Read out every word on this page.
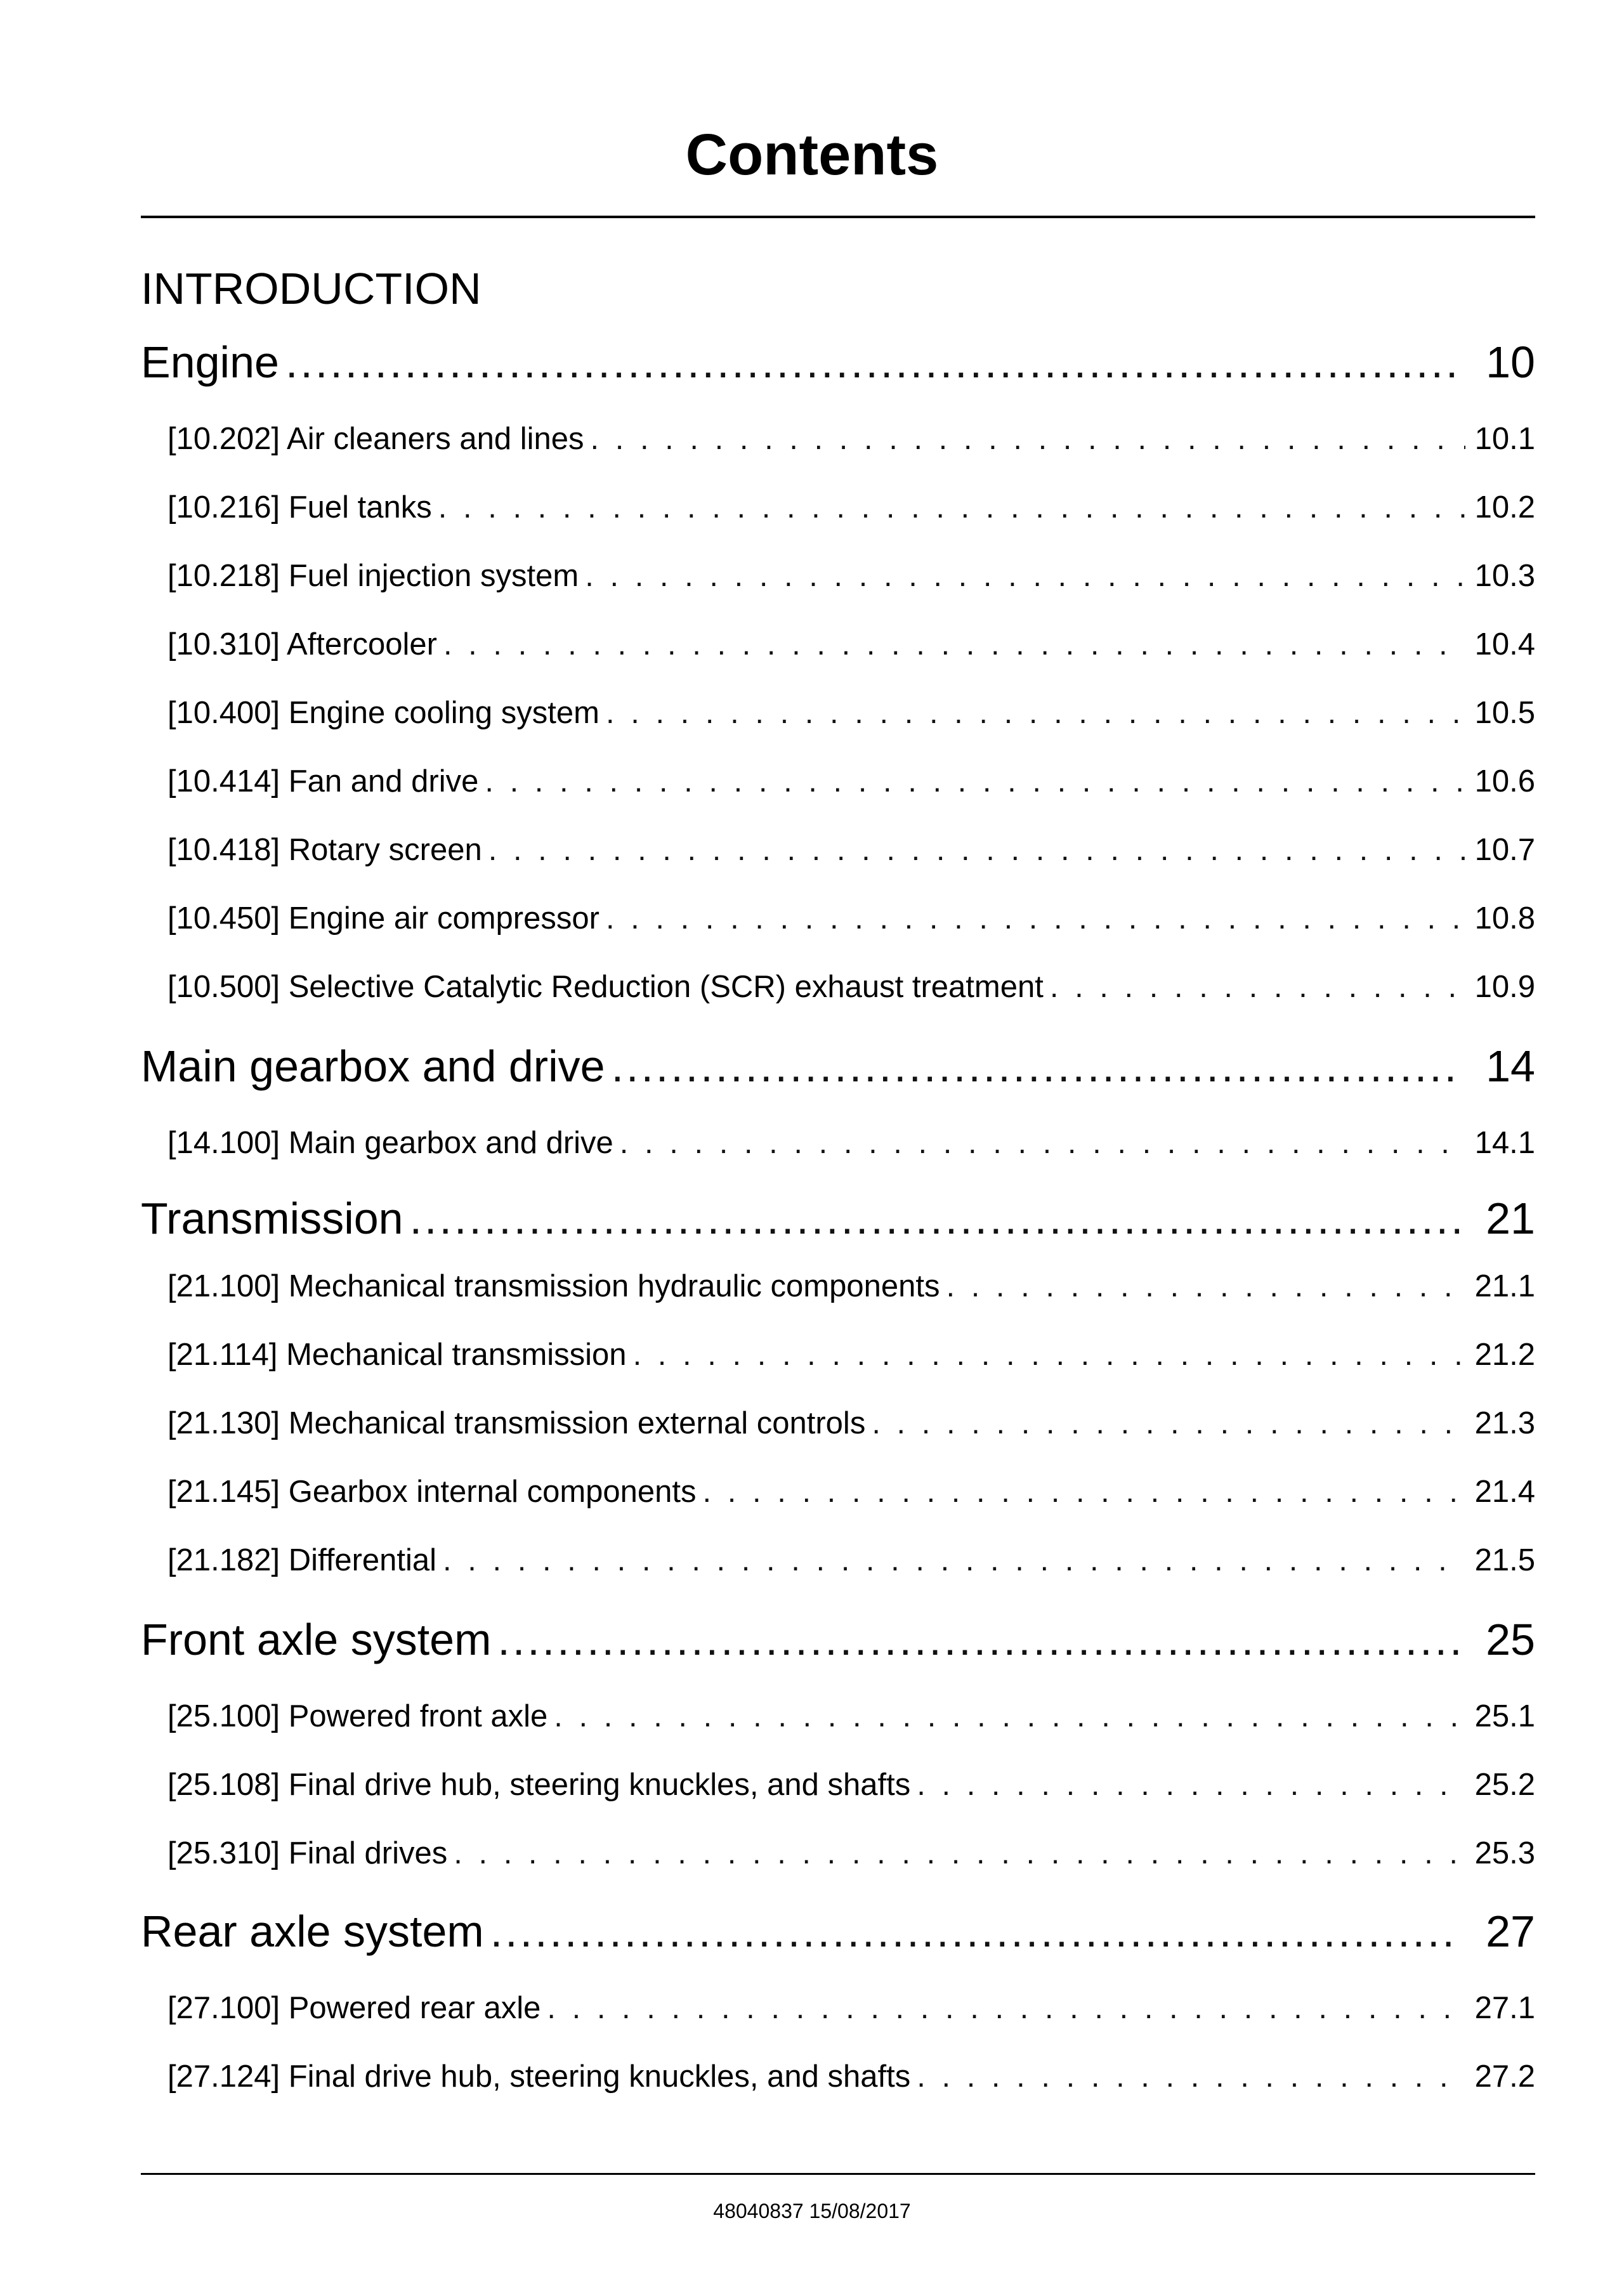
Contents
INTRODUCTION
Engine .....	10
[10.202] Air cleaners and lines . . .	10.1
[10.216] Fuel tanks . . .	10.2
[10.218] Fuel injection system . . .	10.3
[10.310] Aftercooler . . .	10.4
[10.400] Engine cooling system . . .	10.5
[10.414] Fan and drive . . .	10.6
[10.418] Rotary screen . . .	10.7
[10.450] Engine air compressor . . .	10.8
[10.500] Selective Catalytic Reduction (SCR) exhaust treatment . . .	10.9
Main gearbox and drive .....	14
[14.100] Main gearbox and drive . . .	14.1
Transmission .....	21
[21.100] Mechanical transmission hydraulic components . . .	21.1
[21.114] Mechanical transmission . . .	21.2
[21.130] Mechanical transmission external controls . . .	21.3
[21.145] Gearbox internal components . . .	21.4
[21.182] Differential . . .	21.5
Front axle system .....	25
[25.100] Powered front axle . . .	25.1
[25.108] Final drive hub, steering knuckles, and shafts . . .	25.2
[25.310] Final drives . . .	25.3
Rear axle system .....	27
[27.100] Powered rear axle . . .	27.1
[27.124] Final drive hub, steering knuckles, and shafts . . .	27.2
48040837 15/08/2017
